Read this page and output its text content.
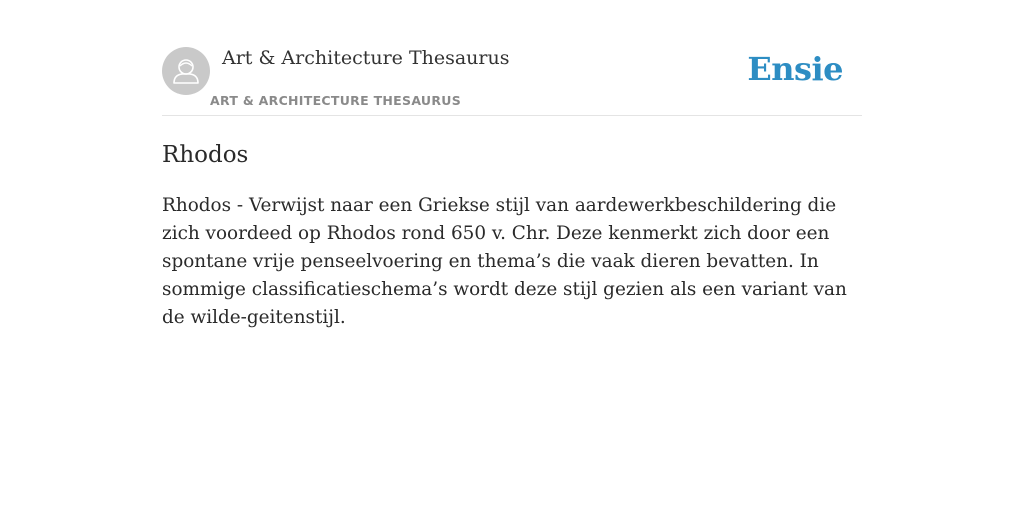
Art & Architecture Thesaurus
ART & ARCHITECTURE THESAURUS
Ensie
Rhodos

Rhodos - Verwijst naar een Griekse stijl van aardewerkbeschildering die zich voordeed op Rhodos rond 650 v. Chr. Deze kenmerkt zich door een spontane vrije penseelvoering en thema’s die vaak dieren bevatten. In sommige classificatieschema’s wordt deze stijl gezien als een variant van de wilde-geitenstijl.
